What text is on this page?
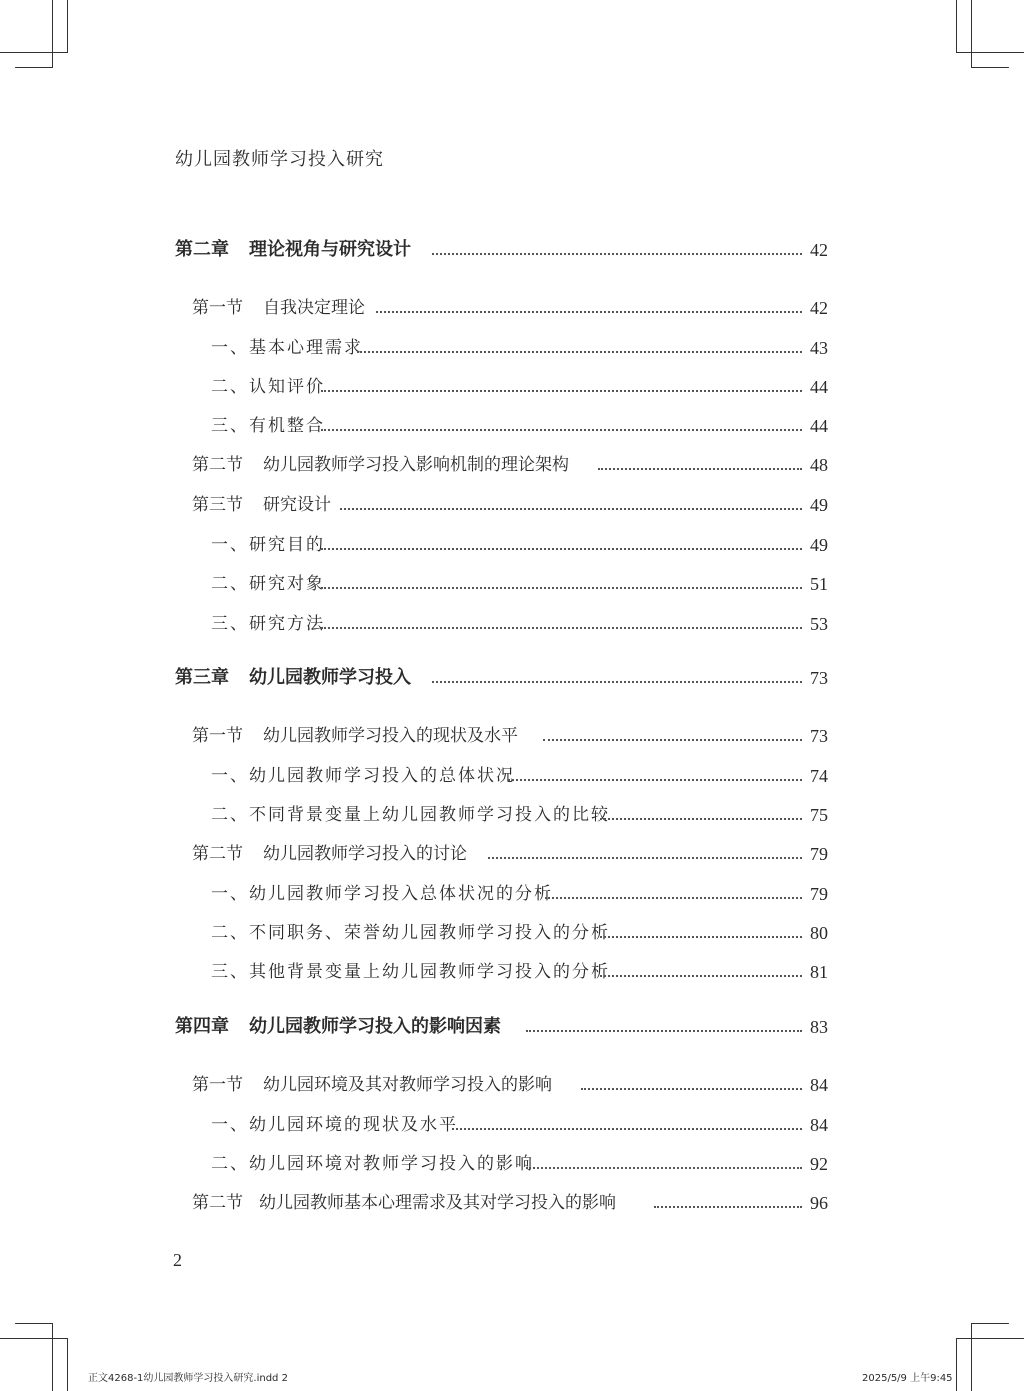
幼儿园教师学习投入研究
第二章 理论视角与研究设计	42
第一节 自我决定理论	42
一、基本心理需求	43
二、认知评价	44
三、有机整合	44
第二节 幼儿园教师学习投入影响机制的理论架构	48
第三节 研究设计	49
一、研究目的	49
二、研究对象	51
三、研究方法	53
第三章 幼儿园教师学习投入	73
第一节 幼儿园教师学习投入的现状及水平	73
一、幼儿园教师学习投入的总体状况	74
二、不同背景变量上幼儿园教师学习投入的比较	75
第二节 幼儿园教师学习投入的讨论	79
一、幼儿园教师学习投入总体状况的分析	79
二、不同职务、荣誉幼儿园教师学习投入的分析	80
三、其他背景变量上幼儿园教师学习投入的分析	81
第四章 幼儿园教师学习投入的影响因素	83
第一节 幼儿园环境及其对教师学习投入的影响	84
一、幼儿园环境的现状及水平	84
二、幼儿园环境对教师学习投入的影响	92
第二节 幼儿园教师基本心理需求及其对学习投入的影响	96
2
正文4268-1幼儿园教师学习投入研究.indd 2	2025/5/9 上午9:45
